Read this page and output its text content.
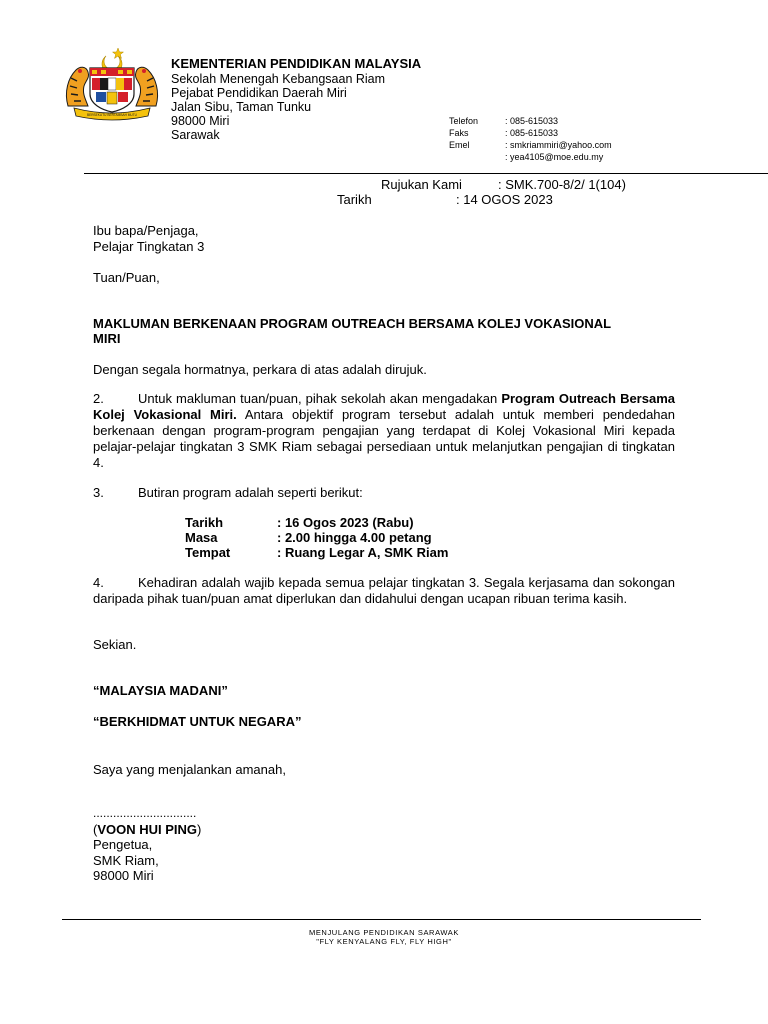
BERSEKUTU BERTAMBAH MUTU
KEMENTERIAN PENDIDIKAN MALAYSIA
Sekolah Menengah Kebangsaan Riam
Pejabat Pendidikan Daerah Miri
Jalan Sibu, Taman Tunku
98000 Miri
Sarawak
Telefon	: 085-615033
Faks	: 085-615033
Emel	: smkriammiri@yahoo.com
: yea4105@moe.edu.my
Rujukan Kami	: SMK.700-8/2/ 1(104)
Tarikh	: 14 OGOS 2023
Ibu bapa/Penjaga,
Pelajar Tingkatan 3
Tuan/Puan,
MAKLUMAN BERKENAAN PROGRAM OUTREACH BERSAMA KOLEJ VOKASIONAL
MIRI
Dengan segala hormatnya, perkara di atas adalah dirujuk.
2.	Untuk makluman tuan/puan, pihak sekolah akan mengadakan Program Outreach Bersama Kolej Vokasional Miri. Antara objektif program tersebut adalah untuk memberi pendedahan berkenaan dengan program-program pengajian yang terdapat di Kolej Vokasional Miri kepada pelajar-pelajar tingkatan 3 SMK Riam sebagai persediaan untuk melanjutkan pengajian di tingkatan 4.
3.	Butiran program adalah seperti berikut:
Tarikh	: 16 Ogos 2023 (Rabu)
Masa	: 2.00 hingga 4.00 petang
Tempat	: Ruang Legar A, SMK Riam
4.	Kehadiran adalah wajib kepada semua pelajar tingkatan 3. Segala kerjasama dan sokongan daripada pihak tuan/puan amat diperlukan dan didahului dengan ucapan ribuan terima kasih.
Sekian.
“MALAYSIA MADANI”
“BERKHIDMAT UNTUK NEGARA”
Saya yang menjalankan amanah,
...............................
(VOON HUI PING)
Pengetua,
SMK Riam,
98000 Miri
MENJULANG PENDIDIKAN SARAWAK
"FLY KENYALANG FLY, FLY HIGH"
